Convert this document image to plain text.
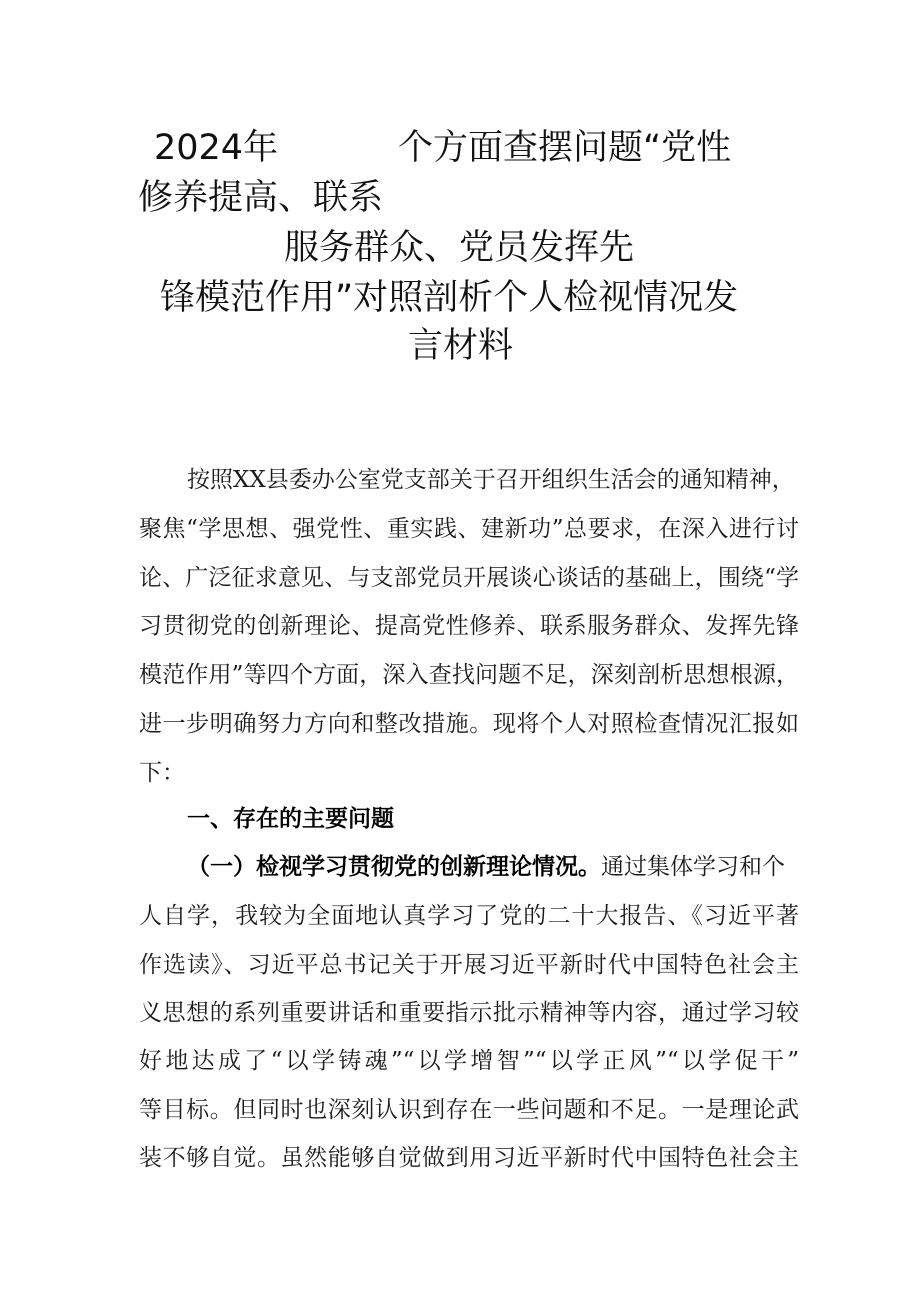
2024年	个方面查摆问题“党性
修养提高、联系
服务群众、党员发挥先
锋模范作用”对照剖析个人检视情况发
言材料
按照XX县委办公室党支部关于召开组织生活会的通知精神，
聚焦“学思想、强党性、重实践、建新功”总要求，在深入进行讨
论、广泛征求意见、与支部党员开展谈心谈话的基础上，围绕“学
习贯彻党的创新理论、提高党性修养、联系服务群众、发挥先锋
模范作用”等四个方面，深入查找问题不足，深刻剖析思想根源，
进一步明确努力方向和整改措施。现将个人对照检查情况汇报如
下：
一、存在的主要问题
（一）检视学习贯彻党的创新理论情况。通过集体学习和个
人自学，我较为全面地认真学习了党的二十大报告、《习近平著
作选读》、习近平总书记关于开展习近平新时代中国特色社会主
义思想的系列重要讲话和重要指示批示精神等内容，通过学习较
好地达成了“以学铸魂”“以学增智”“以学正风”“以学促干”
等目标。但同时也深刻认识到存在一些问题和不足。一是理论武
装不够自觉。虽然能够自觉做到用习近平新时代中国特色社会主
